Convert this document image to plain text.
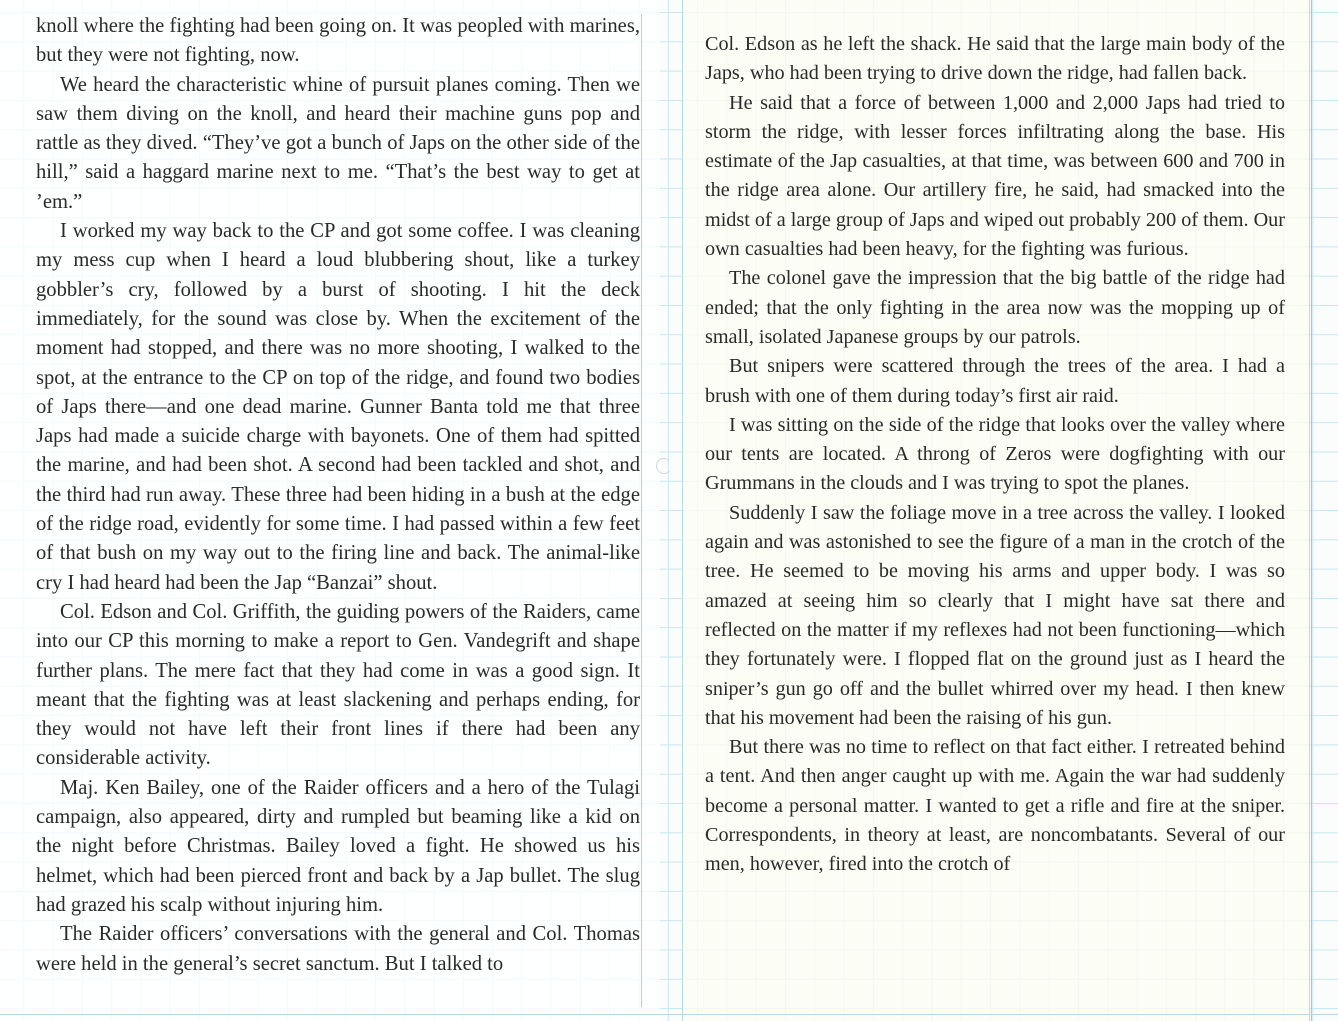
knoll where the fighting had been going on. It was peopled with marines, but they were not fighting, now.

We heard the characteristic whine of pursuit planes coming. Then we saw them diving on the knoll, and heard their machine guns pop and rattle as they dived. “They’ve got a bunch of Japs on the other side of the hill,” said a haggard marine next to me. “That’s the best way to get at ’em.”

I worked my way back to the CP and got some coffee. I was cleaning my mess cup when I heard a loud blubbering shout, like a turkey gobbler’s cry, followed by a burst of shooting. I hit the deck immediately, for the sound was close by. When the excitement of the moment had stopped, and there was no more shooting, I walked to the spot, at the entrance to the CP on top of the ridge, and found two bodies of Japs there—and one dead marine. Gunner Banta told me that three Japs had made a suicide charge with bayonets. One of them had spitted the marine, and had been shot. A second had been tackled and shot, and the third had run away. These three had been hiding in a bush at the edge of the ridge road, evidently for some time. I had passed within a few feet of that bush on my way out to the firing line and back. The animal-like cry I had heard had been the Jap “Banzai” shout.

Col. Edson and Col. Griffith, the guiding powers of the Raiders, came into our CP this morning to make a report to Gen. Vandegrift and shape further plans. The mere fact that they had come in was a good sign. It meant that the fighting was at least slackening and perhaps ending, for they would not have left their front lines if there had been any considerable activity.

Maj. Ken Bailey, one of the Raider officers and a hero of the Tulagi campaign, also appeared, dirty and rumpled but beaming like a kid on the night before Christmas. Bailey loved a fight. He showed us his helmet, which had been pierced front and back by a Jap bullet. The slug had grazed his scalp without injuring him.

The Raider officers’ conversations with the general and Col. Thomas were held in the general’s secret sanctum. But I talked to

Col. Edson as he left the shack. He said that the large main body of the Japs, who had been trying to drive down the ridge, had fallen back.

He said that a force of between 1,000 and 2,000 Japs had tried to storm the ridge, with lesser forces infiltrating along the base. His estimate of the Jap casualties, at that time, was between 600 and 700 in the ridge area alone. Our artillery fire, he said, had smacked into the midst of a large group of Japs and wiped out probably 200 of them. Our own casualties had been heavy, for the fighting was furious.

The colonel gave the impression that the big battle of the ridge had ended; that the only fighting in the area now was the mopping up of small, isolated Japanese groups by our patrols.

But snipers were scattered through the trees of the area. I had a brush with one of them during today’s first air raid.

I was sitting on the side of the ridge that looks over the valley where our tents are located. A throng of Zeros were dogfighting with our Grummans in the clouds and I was trying to spot the planes.

Suddenly I saw the foliage move in a tree across the valley. I looked again and was astonished to see the figure of a man in the crotch of the tree. He seemed to be moving his arms and upper body. I was so amazed at seeing him so clearly that I might have sat there and reflected on the matter if my reflexes had not been functioning—which they fortunately were. I flopped flat on the ground just as I heard the sniper’s gun go off and the bullet whirred over my head. I then knew that his movement had been the raising of his gun.

But there was no time to reflect on that fact either. I retreated behind a tent. And then anger caught up with me. Again the war had suddenly become a personal matter. I wanted to get a rifle and fire at the sniper. Correspondents, in theory at least, are noncombatants. Several of our men, however, fired into the crotch of
